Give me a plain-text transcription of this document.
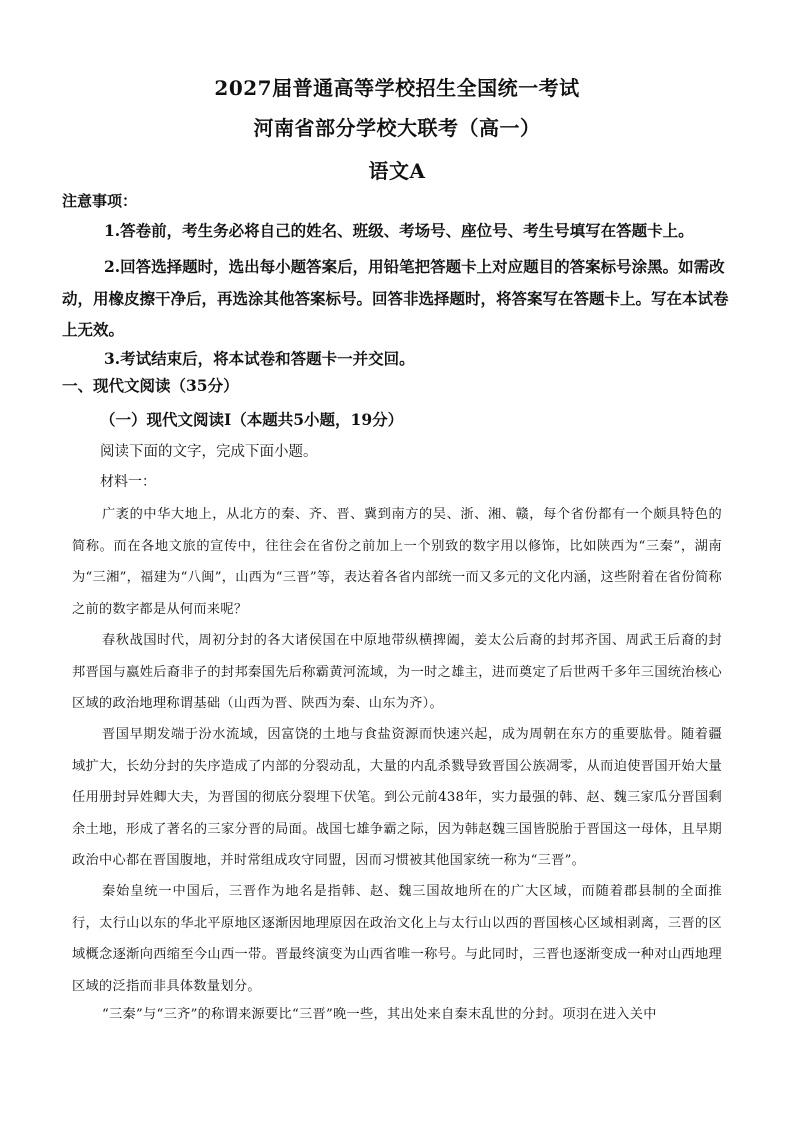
2027届普通高等学校招生全国统一考试
河南省部分学校大联考（高一）
语文A
注意事项：
1.答卷前，考生务必将自己的姓名、班级、考场号、座位号、考生号填写在答题卡上。
2.回答选择题时，选出每小题答案后，用铅笔把答题卡上对应题目的答案标号涂黑。如需改动，用橡皮擦干净后，再选涂其他答案标号。回答非选择题时，将答案写在答题卡上。写在本试卷上无效。
3.考试结束后，将本试卷和答题卡一并交回。
一、现代文阅读（35分）
（一）现代文阅读Ⅰ（本题共5小题，19分）
阅读下面的文字，完成下面小题。
材料一：
广袤的中华大地上，从北方的秦、齐、晋、冀到南方的吴、浙、湘、赣，每个省份都有一个颇具特色的简称。而在各地文旅的宣传中，往往会在省份之前加上一个别致的数字用以修饰，比如陕西为“三秦”，湖南为“三湘”，福建为“八闽”，山西为“三晋”等，表达着各省内部统一而又多元的文化内涵，这些附着在省份简称之前的数字都是从何而来呢？
春秋战国时代，周初分封的各大诸侯国在中原地带纵横捭阖，姜太公后裔的封邦齐国、周武王后裔的封邦晋国与嬴姓后裔非子的封邦秦国先后称霸黄河流域，为一时之雄主，进而奠定了后世两千多年三国统治核心区域的政治地理称谓基础（山西为晋、陕西为秦、山东为齐）。
晋国早期发端于汾水流域，因富饶的土地与食盐资源而快速兴起，成为周朝在东方的重要肱骨。随着疆域扩大，长幼分封的失序造成了内部的分裂动乱，大量的内乱杀戮导致晋国公族凋零，从而迫使晋国开始大量任用册封异姓卿大夫，为晋国的彻底分裂埋下伏笔。到公元前438年，实力最强的韩、赵、魏三家瓜分晋国剩余土地，形成了著名的三家分晋的局面。战国七雄争霸之际，因为韩赵魏三国皆脱胎于晋国这一母体，且早期政治中心都在晋国腹地，并时常组成攻守同盟，因而习惯被其他国家统一称为“三晋”。
秦始皇统一中国后，三晋作为地名是指韩、赵、魏三国故地所在的广大区域，而随着郡县制的全面推行，太行山以东的华北平原地区逐渐因地理原因在政治文化上与太行山以西的晋国核心区域相剥离，三晋的区域概念逐渐向西缩至今山西一带。晋最终演变为山西省唯一称号。与此同时，三晋也逐渐变成一种对山西地理区域的泛指而非具体数量划分。
“三秦”与“三齐”的称谓来源要比“三晋”晚一些，其出处来自秦末乱世的分封。项羽在进入关中
